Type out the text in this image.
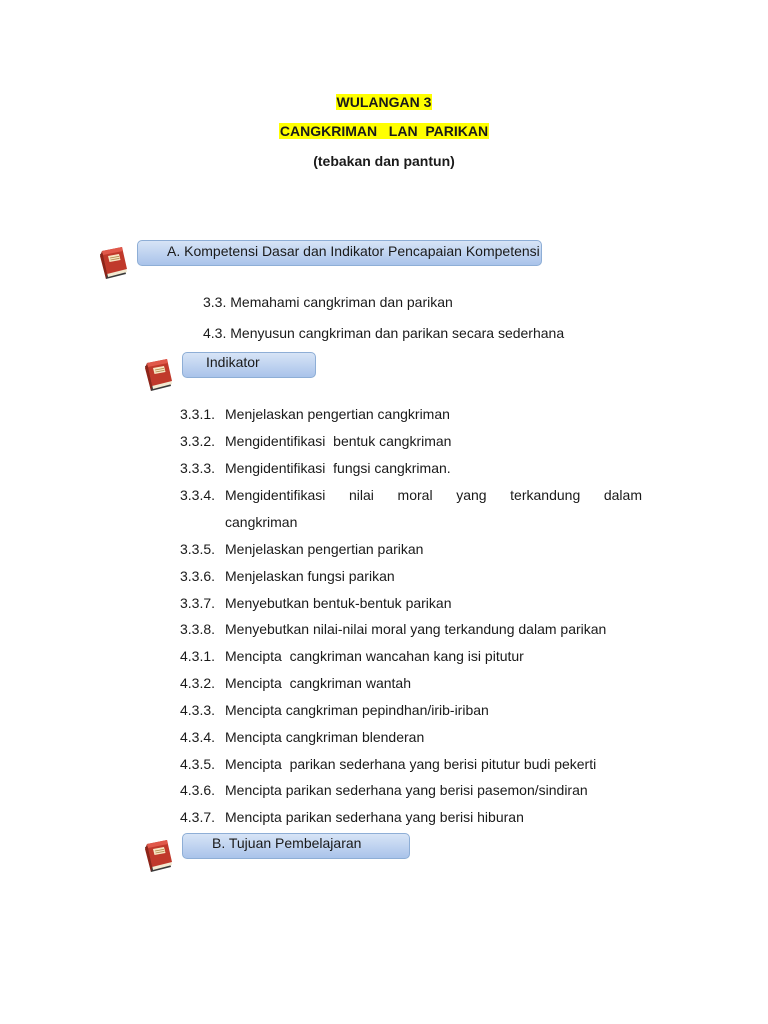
WULANGAN 3
CANGKRIMAN   LAN  PARIKAN
(tebakan dan pantun)
A. Kompetensi Dasar dan Indikator Pencapaian Kompetensi
3.3. Memahami cangkriman dan parikan
4.3. Menyusun cangkriman dan parikan secara sederhana
Indikator
3.3.1. Menjelaskan pengertian cangkriman
3.3.2. Mengidentifikasi  bentuk cangkriman
3.3.3. Mengidentifikasi  fungsi cangkriman.
3.3.4. Mengidentifikasi nilai moral yang terkandung dalam
cangkriman
3.3.5. Menjelaskan pengertian parikan
3.3.6. Menjelaskan fungsi parikan
3.3.7. Menyebutkan bentuk-bentuk parikan
3.3.8. Menyebutkan nilai-nilai moral yang terkandung dalam parikan
4.3.1. Mencipta  cangkriman wancahan kang isi pitutur
4.3.2. Mencipta  cangkriman wantah
4.3.3. Mencipta cangkriman pepindhan/irib-iriban
4.3.4. Mencipta cangkriman blenderan
4.3.5. Mencipta  parikan sederhana yang berisi pitutur budi pekerti
4.3.6. Mencipta parikan sederhana yang berisi pasemon/sindiran
4.3.7. Mencipta parikan sederhana yang berisi hiburan
B. Tujuan Pembelajaran
